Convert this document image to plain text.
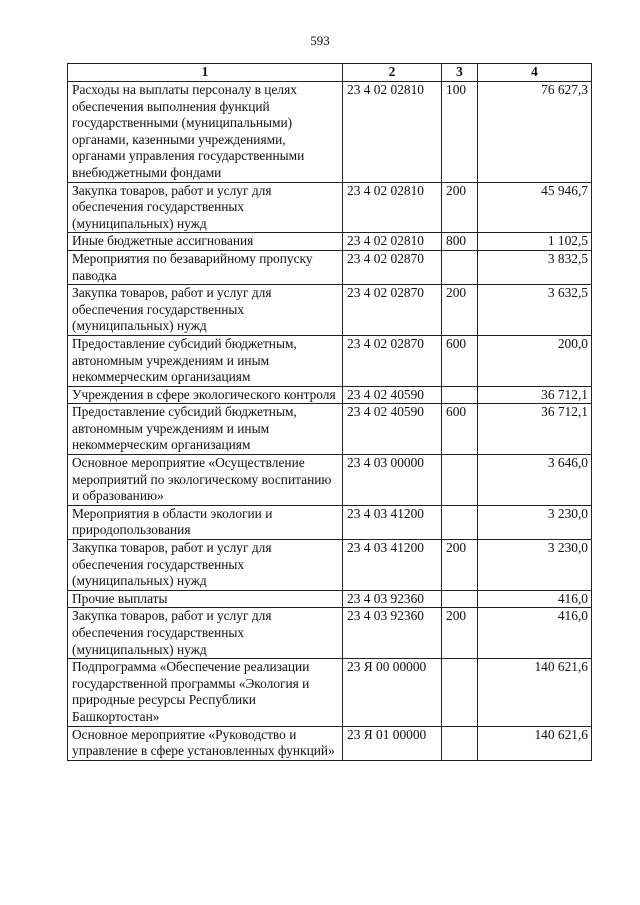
593
1	2	3	4
Расходы на выплаты персоналу в целях обеспечения выполнения функций государственными (муниципальными) органами, казенными учреждениями, органами управления государственными внебюджетными фондами	23 4 02 02810	100	76 627,3
Закупка товаров, работ и услуг для обеспечения государственных (муниципальных) нужд	23 4 02 02810	200	45 946,7
Иные бюджетные ассигнования	23 4 02 02810	800	1 102,5
Мероприятия по безаварийному пропуску паводка	23 4 02 02870		3 832,5
Закупка товаров, работ и услуг для обеспечения государственных (муниципальных) нужд	23 4 02 02870	200	3 632,5
Предоставление субсидий бюджетным, автономным учреждениям и иным некоммерческим организациям	23 4 02 02870	600	200,0
Учреждения в сфере экологического контроля	23 4 02 40590		36 712,1
Предоставление субсидий бюджетным, автономным учреждениям и иным некоммерческим организациям	23 4 02 40590	600	36 712,1
Основное мероприятие «Осуществление мероприятий по экологическому воспитанию и образованию»	23 4 03 00000		3 646,0
Мероприятия в области экологии и природопользования	23 4 03 41200		3 230,0
Закупка товаров, работ и услуг для обеспечения государственных (муниципальных) нужд	23 4 03 41200	200	3 230,0
Прочие выплаты	23 4 03 92360		416,0
Закупка товаров, работ и услуг для обеспечения государственных (муниципальных) нужд	23 4 03 92360	200	416,0
Подпрограмма «Обеспечение реализации государственной программы «Экология и природные ресурсы Республики Башкортостан»	23 Я 00 00000		140 621,6
Основное мероприятие «Руководство и управление в сфере установленных функций»	23 Я 01 00000		140 621,6
